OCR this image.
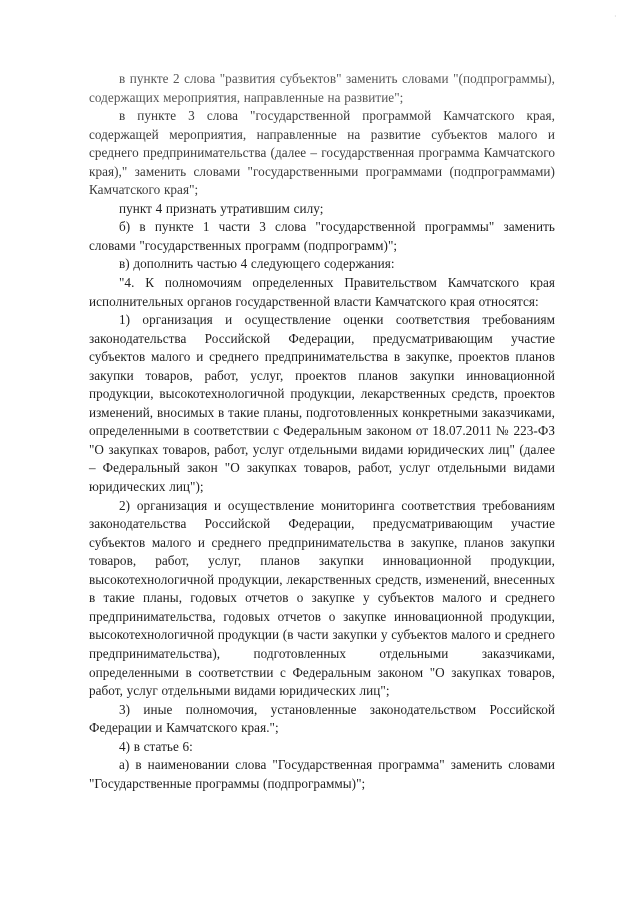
·

в пункте 2 слова "развития субъектов" заменить словами "(подпрограммы), содержащих мероприятия, направленные на развитие";

в пункте 3 слова "государственной программой Камчатского края, содержащей мероприятия, направленные на развитие субъектов малого и среднего предпринимательства (далее – государственная программа Камчатского края)," заменить словами "государственными программами (подпрограммами) Камчатского края";

пункт 4 признать утратившим силу;

б) в пункте 1 части 3 слова "государственной программы" заменить словами "государственных программ (подпрограмм)";

в) дополнить частью 4 следующего содержания:

"4. К полномочиям определенных Правительством Камчатского края исполнительных органов государственной власти Камчатского края относятся:

1) организация и осуществление оценки соответствия требованиям законодательства Российской Федерации, предусматривающим участие субъектов малого и среднего предпринимательства в закупке, проектов планов закупки товаров, работ, услуг, проектов планов закупки инновационной продукции, высокотехнологичной продукции, лекарственных средств, проектов изменений, вносимых в такие планы, подготовленных конкретными заказчиками, определенными в соответствии с Федеральным законом от 18.07.2011 № 223-ФЗ "О закупках товаров, работ, услуг отдельными видами юридических лиц" (далее – Федеральный закон "О закупках товаров, работ, услуг отдельными видами юридических лиц");

2) организация и осуществление мониторинга соответствия требованиям законодательства Российской Федерации, предусматривающим участие субъектов малого и среднего предпринимательства в закупке, планов закупки товаров, работ, услуг, планов закупки инновационной продукции, высокотехнологичной продукции, лекарственных средств, изменений, внесенных в такие планы, годовых отчетов о закупке у субъектов малого и среднего предпринимательства, годовых отчетов о закупке инновационной продукции, высокотехнологичной продукции (в части закупки у субъектов малого и среднего предпринимательства), подготовленных отдельными заказчиками, определенными в соответствии с Федеральным законом "О закупках товаров, работ, услуг отдельными видами юридических лиц";

3) иные полномочия, установленные законодательством Российской Федерации и Камчатского края.";

4) в статье 6:

а) в наименовании слова "Государственная программа" заменить словами "Государственные программы (подпрограммы)";
